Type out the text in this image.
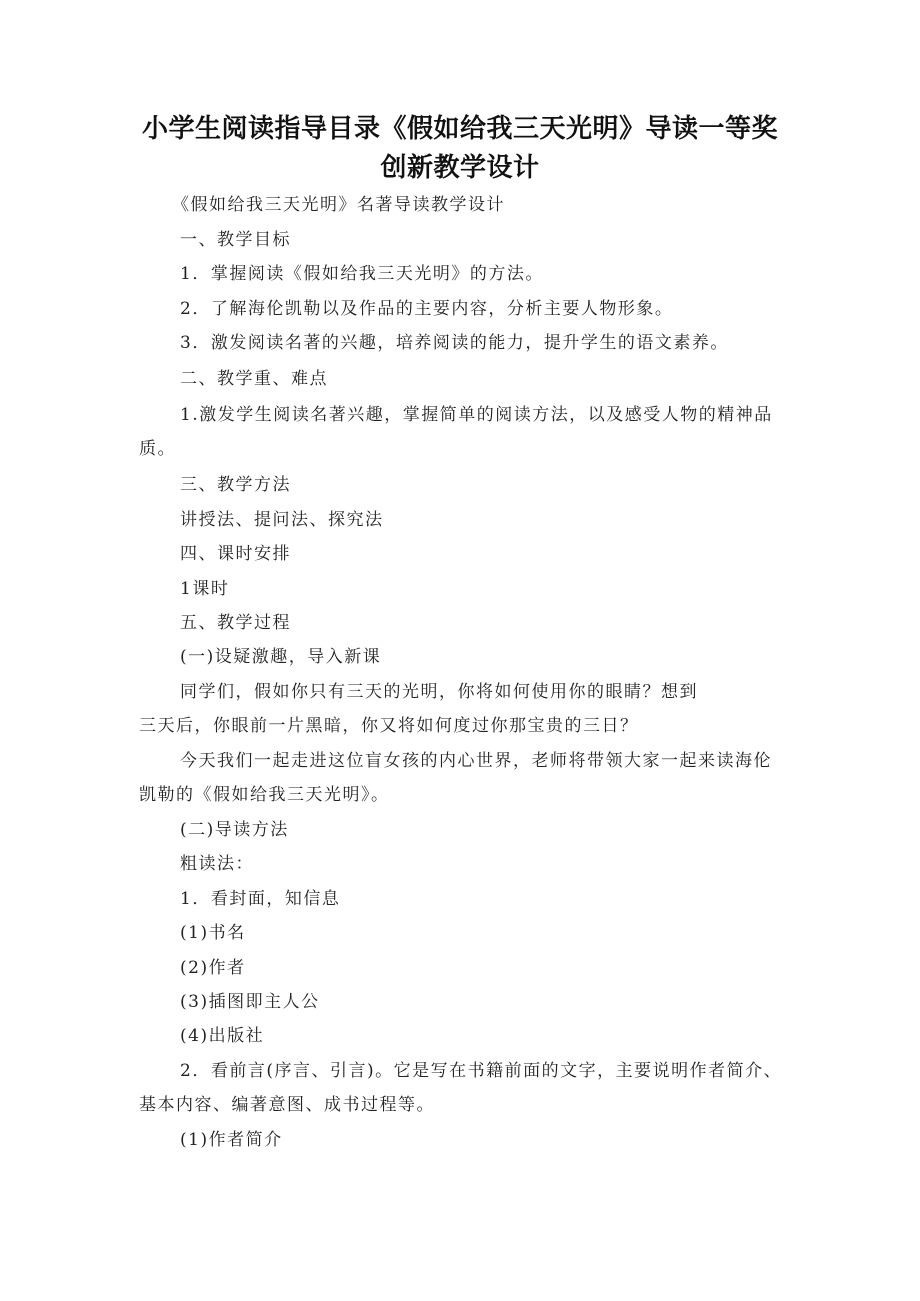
小学生阅读指导目录《假如给我三天光明》导读一等奖
创新教学设计
《假如给我三天光明》名著导读教学设计
一、教学目标
1．掌握阅读《假如给我三天光明》的方法。
2．了解海伦凯勒以及作品的主要内容，分析主要人物形象。
3．激发阅读名著的兴趣，培养阅读的能力，提升学生的语文素养。
二、教学重、难点
1.激发学生阅读名著兴趣，掌握简单的阅读方法，以及感受人物的精神品
质。
三、教学方法
讲授法、提问法、探究法
四、课时安排
1课时
五、教学过程
(一)设疑激趣，导入新课
同学们，假如你只有三天的光明，你将如何使用你的眼睛？想到
三天后，你眼前一片黑暗，你又将如何度过你那宝贵的三日？
今天我们一起走进这位盲女孩的内心世界，老师将带领大家一起来读海伦
凯勒的《假如给我三天光明》。
(二)导读方法
粗读法：
1．看封面，知信息
(1)书名
(2)作者
(3)插图即主人公
(4)出版社
2．看前言(序言、引言)。它是写在书籍前面的文字，主要说明作者简介、
基本内容、编著意图、成书过程等。
(1)作者简介
